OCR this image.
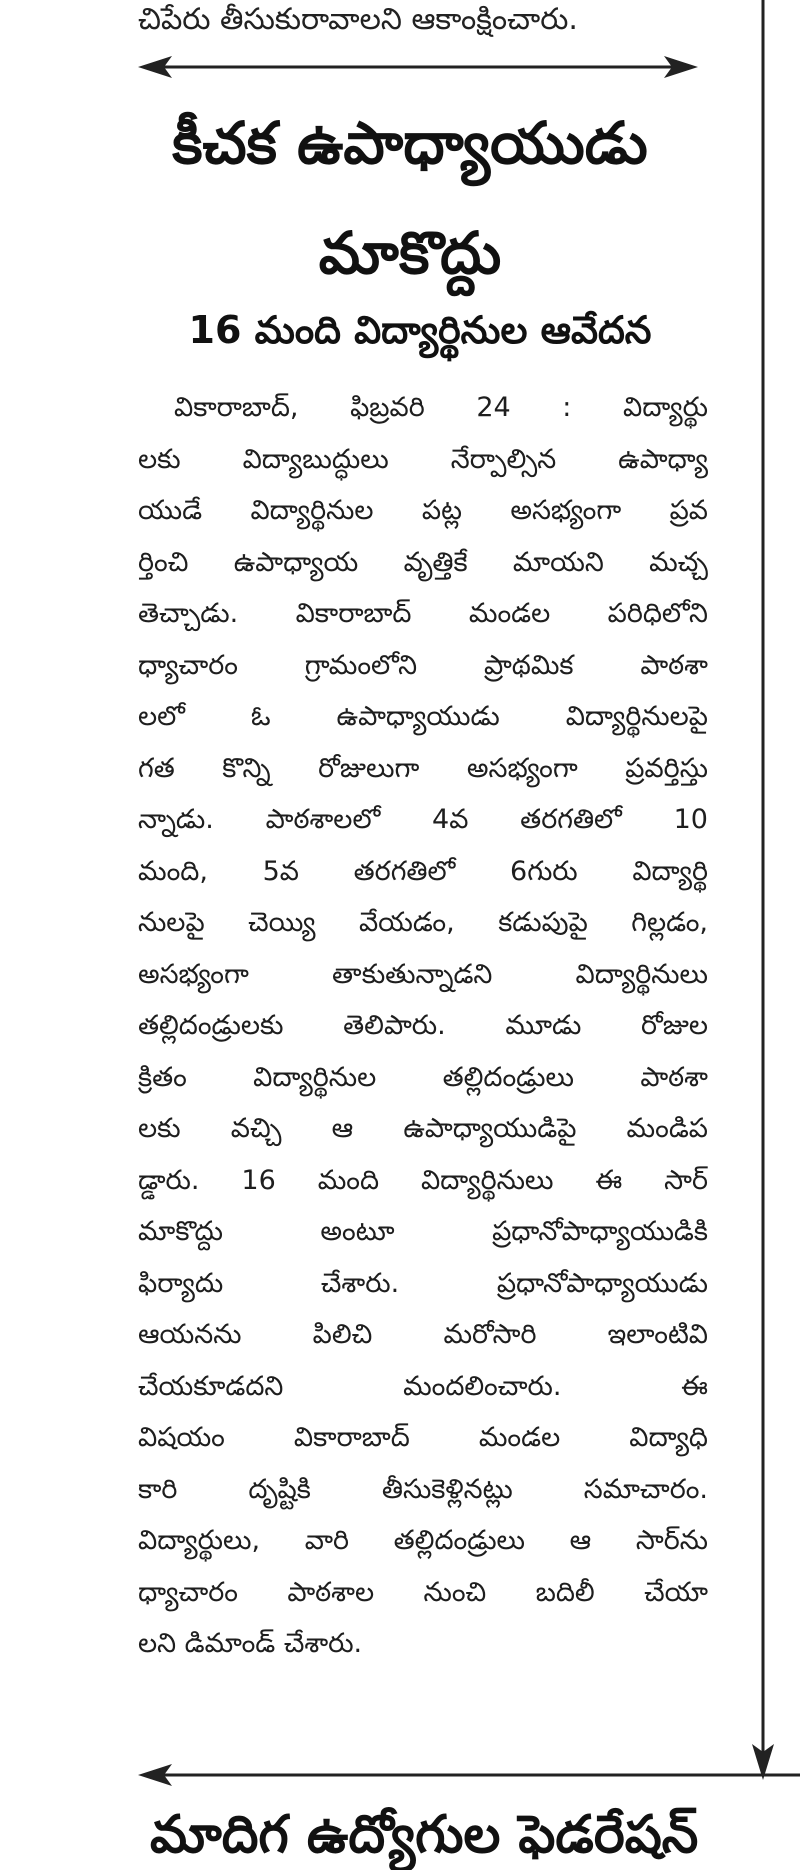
చిపేరు తీసుకురావాలని ఆకాంక్షించారు.
కీచక ఉపాధ్యాయుడు
మాకొద్దు
16 మంది విద్యార్థినుల ఆవేదన
వికారాబాద్, ఫిబ్రవరి 24 : విద్యార్థు
లకు విద్యాబుద్ధులు నేర్పాల్సిన ఉపాధ్యా
యుడే విద్యార్థినుల పట్ల అసభ్యంగా ప్రవ
ర్తించి ఉపాధ్యాయ వృత్తికే మాయని మచ్చ
తెచ్చాడు. వికారాబాద్ మండల పరిధిలోని
ధ్యాచారం గ్రామంలోని ప్రాథమిక పాఠశా
లలో ఓ ఉపాధ్యాయుడు విద్యార్థినులపై
గత కొన్ని రోజులుగా అసభ్యంగా ప్రవర్తిస్తు
న్నాడు. పాఠశాలలో 4వ తరగతిలో 10
మంది, 5వ తరగతిలో 6గురు విద్యార్థి
నులపై చెయ్యి వేయడం, కడుపుపై గిల్లడం,
అసభ్యంగా తాకుతున్నాడని విద్యార్థినులు
తల్లిదండ్రులకు తెలిపారు. మూడు రోజుల
క్రితం విద్యార్థినుల తల్లిదండ్రులు పాఠశా
లకు వచ్చి ఆ ఉపాధ్యాయుడిపై మండిప
డ్డారు. 16 మంది విద్యార్థినులు ఈ సార్
మాకొద్దు అంటూ ప్రధానోపాధ్యాయుడికి
ఫిర్యాదు చేశారు. ప్రధానోపాధ్యాయుడు
ఆయనను పిలిచి మరోసారి ఇలాంటివి
చేయకూడదని మందలించారు. ఈ
విషయం వికారాబాద్ మండల విద్యాధి
కారి దృష్టికి తీసుకెళ్లినట్లు సమాచారం.
విద్యార్థులు, వారి తల్లిదండ్రులు ఆ సార్‌ను
ధ్యాచారం పాఠశాల నుంచి బదిలీ చేయా
లని డిమాండ్ చేశారు.
మాదిగ ఉద్యోగుల ఫెడరేషన్
